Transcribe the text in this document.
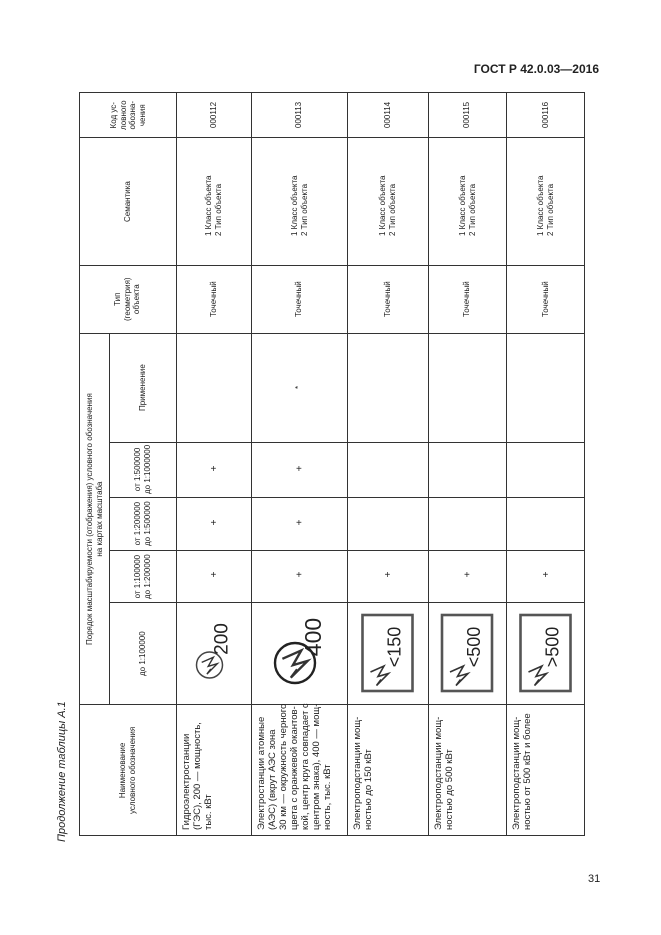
ГОСТ Р 42.0.03—2016
Продолжение таблицы А.1
31
Код ус-
ловного
обозна-
чения
Семантика
Тип
(геометрия)
объекта
Наименование
условного обозначения
Порядок масштабируемости (отображения) условного обозначения
на картах масштаба
Применение
от 1:500000
до 1:1000000
от 1:200000
до 1:500000
от 1:100000
до 1:200000
до 1:100000
000112
1 Класс объекта
2 Тип объекта
Точечный
+
+
+
200
Гидроэлектростанции
(ГЭС), 200 — мощность,
тыс. кВт
000113
1 Класс объекта
2 Тип объекта
Точечный
*
+
+
+
400
Электростанции атомные
(АЭС) (вкрут АЭС зона
30 км — окружность черного
цвета с оранжевой окантов-
кой, центр круга совпадает с
центром знака), 400 — мощ-
ность, тыс. кВт
000114
1 Класс объекта
2 Тип объекта
Точечный
+
<150
Электроподстанции мощ-
ностью до 150 кВт
000115
1 Класс объекта
2 Тип объекта
Точечный
+
<500
Электроподстанции мощ-
ностью до 500 кВт
000116
1 Класс объекта
2 Тип объекта
Точечный
+
>500
Электроподстанции мощ-
ностью от 500 кВт и более
